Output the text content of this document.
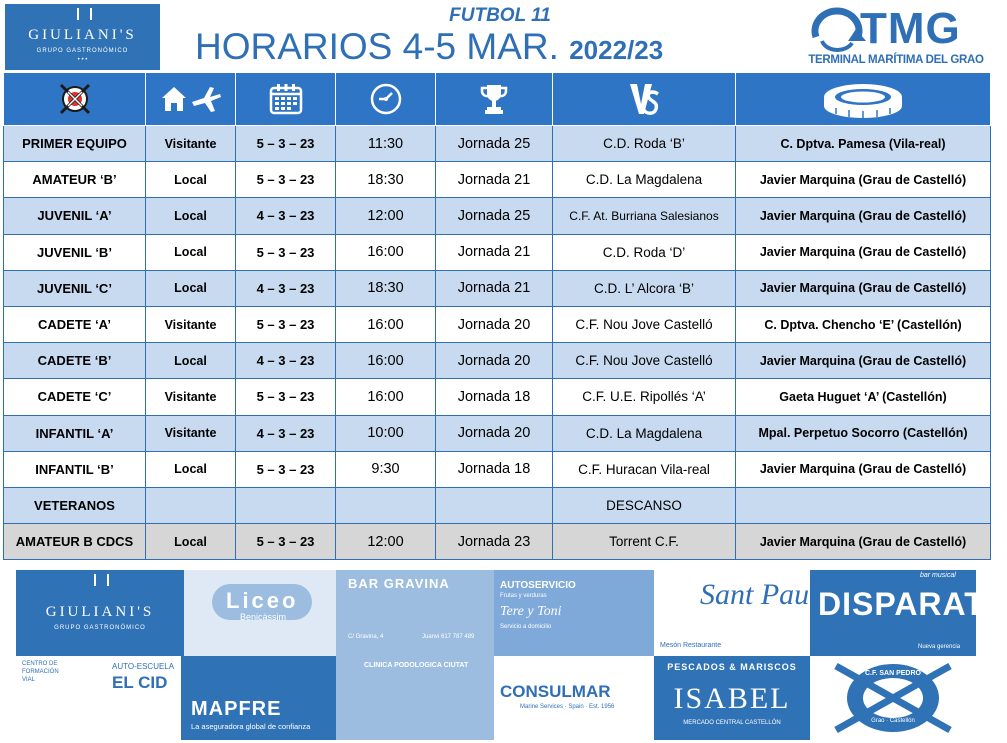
GIULIANI'S
GRUPO GASTRONÓMICO
• • •
FUTBOL 11
HORARIOS 4-5 MAR. 2022/23	TMG
TERMINAL MARÍTIMA DEL GRAO

PRIMER EQUIPO	Visitante	5 – 3 – 23	11:30	Jornada 25	C.D. Roda ‘B’	C. Dptva. Pamesa (Vila-real)
AMATEUR ‘B’	Local	5 – 3 – 23	18:30	Jornada 21	C.D. La Magdalena	Javier Marquina (Grau de Castelló)
JUVENIL ‘A’	Local	4 – 3 – 23	12:00	Jornada 25	C.F. At. Burriana Salesianos	Javier Marquina (Grau de Castelló)
JUVENIL ‘B’	Local	5 – 3 – 23	16:00	Jornada 21	C.D. Roda ‘D’	Javier Marquina (Grau de Castelló)
JUVENIL ‘C’	Local	4 – 3 – 23	18:30	Jornada 21	C.D. L’ Alcora ‘B’	Javier Marquina (Grau de Castelló)
CADETE ‘A’	Visitante	5 – 3 – 23	16:00	Jornada 20	C.F. Nou Jove Castelló	C. Dptva. Chencho ‘E’ (Castellón)
CADETE ‘B’	Local	4 – 3 – 23	16:00	Jornada 20	C.F. Nou Jove Castelló	Javier Marquina (Grau de Castelló)
CADETE ‘C’	Visitante	5 – 3 – 23	16:00	Jornada 18	C.F. U.E. Ripollés ‘A’	Gaeta Huguet ‘A’ (Castellón)
INFANTIL ‘A’	Visitante	4 – 3 – 23	10:00	Jornada 20	C.D. La Magdalena	Mpal. Perpetuo Socorro (Castellón)
INFANTIL ‘B’	Local	5 – 3 – 23	9:30	Jornada 18	C.F. Huracan Vila-real	Javier Marquina (Grau de Castelló)
VETERANOS					DESCANSO	
AMATEUR B CDCS	Local	5 – 3 – 23	12:00	Jornada 23	Torrent C.F.	Javier Marquina (Grau de Castelló)
GIULIANI'S
GRUPO GASTRONÓMICO
Liceo
Benicàssim
BAR GRAVINA
C/ Gravina, 4	Juanvi 617 787 489
AUTOSERVICIO
Frutas y verduras
Tere y Toni
Servicio a domicilio
Sant Pau
Mesón Restaurante
bar musical
DISPARATE
Nueva gerencia
CENTRO DE FORMACIÓN VIAL
AUTO-ESCUELA
EL CID
MAPFRE
La aseguradora global de confianza
CLINICA PODOLOGICA CIUTAT
CONSULMAR
Marine Services · Spain · Est. 1956
PESCADOS & MARISCOS
ISABEL
MERCADO CENTRAL CASTELLÓN
C.F. SAN PEDRO
Grao · Castellón
